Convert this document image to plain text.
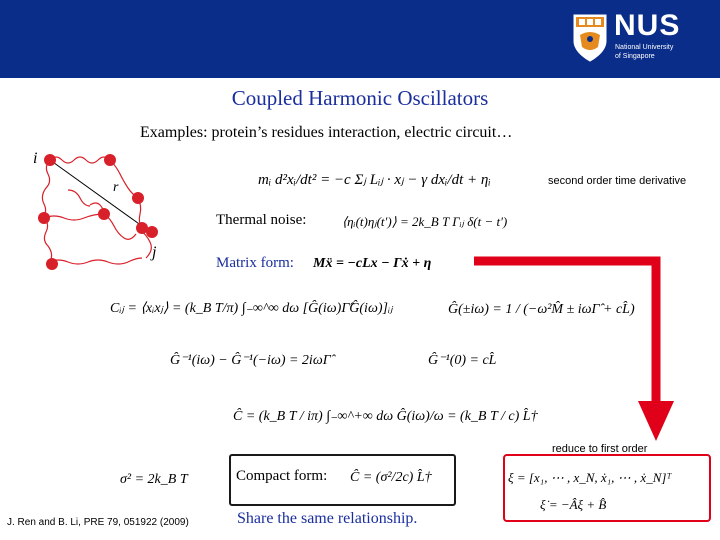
NUS
National University of Singapore
Coupled Harmonic Oscillators
Examples: protein’s residues interaction, electric circuit…
i
j
r	mᵢ d²xᵢ/dt² = −c Σⱼ Lᵢⱼ · xⱼ − γ dxᵢ/dt + ηᵢ	second order time derivative
Thermal noise:	⟨ηᵢ(t)ηⱼ(t′)⟩ = 2k_B T Γᵢⱼ δ(t − t′)
Matrix form: Mẍ = −cLx − Γẋ + η
Cᵢⱼ = ⟨xᵢxⱼ⟩ = (k_B T/π) ∫₋∞^∞ dω [Ĝ(iω)Γ̂Ĝ(iω)]ᵢⱼ	Ĝ(±iω) = 1 / (−ω²M̂ ± iωΓ̂ + cL̂)
Ĝ⁻¹(iω) − Ĝ⁻¹(−iω) = 2iωΓ̂	Ĝ⁻¹(0) = cL̂
Ĉ = (k_B T / iπ) ∫₋∞^+∞ dω Ĝ(iω)/ω = (k_B T / c) L̂†
reduce to first order
σ² = 2k_B T	Compact form: Ĉ = (σ²/2c) L̂†	ξ = [x₁, ⋯ , x_N, ẋ₁, ⋯ , ẋ_N]ᵀ
ξ̇ = −Âξ + B̂
J. Ren and B. Li, PRE 79, 051922 (2009)	Share the same relationship.
